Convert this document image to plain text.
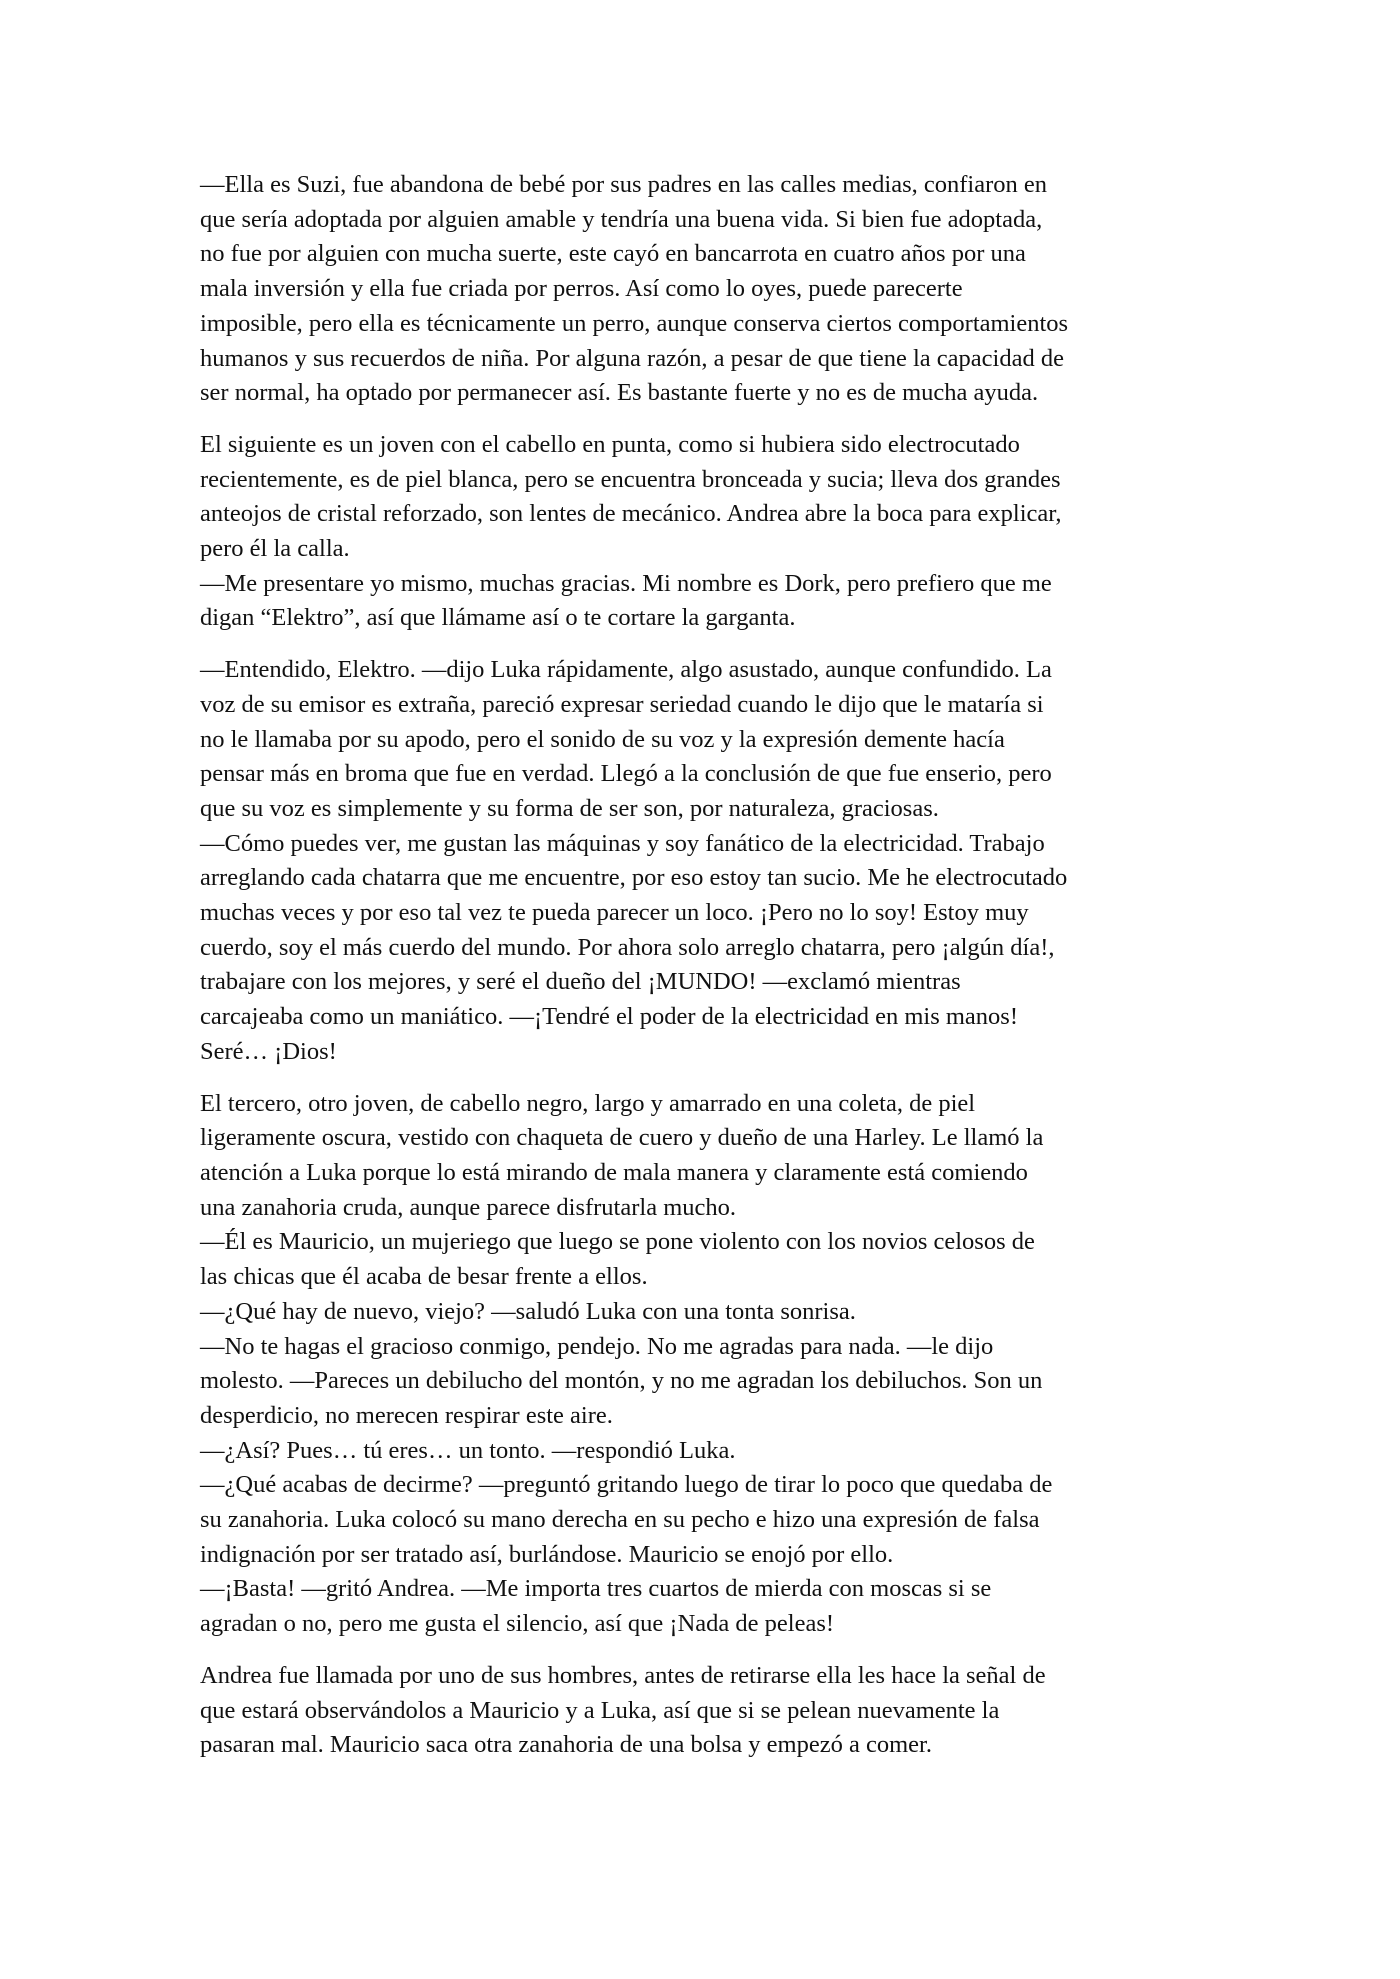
—Ella es Suzi, fue abandona de bebé por sus padres en las calles medias, confiaron en
que sería adoptada por alguien amable y tendría una buena vida. Si bien fue adoptada,
no fue por alguien con mucha suerte, este cayó en bancarrota en cuatro años por una
mala inversión y ella fue criada por perros. Así como lo oyes, puede parecerte
imposible, pero ella es técnicamente un perro, aunque conserva ciertos comportamientos
humanos y sus recuerdos de niña. Por alguna razón, a pesar de que tiene la capacidad de
ser normal, ha optado por permanecer así. Es bastante fuerte y no es de mucha ayuda.

El siguiente es un joven con el cabello en punta, como si hubiera sido electrocutado
recientemente, es de piel blanca, pero se encuentra bronceada y sucia; lleva dos grandes
anteojos de cristal reforzado, son lentes de mecánico. Andrea abre la boca para explicar,
pero él la calla.
—Me presentare yo mismo, muchas gracias. Mi nombre es Dork, pero prefiero que me
digan “Elektro”, así que llámame así o te cortare la garganta.

—Entendido, Elektro. —dijo Luka rápidamente, algo asustado, aunque confundido. La
voz de su emisor es extraña, pareció expresar seriedad cuando le dijo que le mataría si
no le llamaba por su apodo, pero el sonido de su voz y la expresión demente hacía
pensar más en broma que fue en verdad. Llegó a la conclusión de que fue enserio, pero
que su voz es simplemente y su forma de ser son, por naturaleza, graciosas.
—Cómo puedes ver, me gustan las máquinas y soy fanático de la electricidad. Trabajo
arreglando cada chatarra que me encuentre, por eso estoy tan sucio. Me he electrocutado
muchas veces y por eso tal vez te pueda parecer un loco. ¡Pero no lo soy! Estoy muy
cuerdo, soy el más cuerdo del mundo. Por ahora solo arreglo chatarra, pero ¡algún día!,
trabajare con los mejores, y seré el dueño del ¡MUNDO! —exclamó mientras
carcajeaba como un maniático. —¡Tendré el poder de la electricidad en mis manos!
Seré… ¡Dios!

El tercero, otro joven, de cabello negro, largo y amarrado en una coleta, de piel
ligeramente oscura, vestido con chaqueta de cuero y dueño de una Harley. Le llamó la
atención a Luka porque lo está mirando de mala manera y claramente está comiendo
una zanahoria cruda, aunque parece disfrutarla mucho.
—Él es Mauricio, un mujeriego que luego se pone violento con los novios celosos de
las chicas que él acaba de besar frente a ellos.
—¿Qué hay de nuevo, viejo? —saludó Luka con una tonta sonrisa.
—No te hagas el gracioso conmigo, pendejo. No me agradas para nada. —le dijo
molesto. —Pareces un debilucho del montón, y no me agradan los debiluchos. Son un
desperdicio, no merecen respirar este aire.
—¿Así? Pues… tú eres… un tonto. —respondió Luka.
—¿Qué acabas de decirme? —preguntó gritando luego de tirar lo poco que quedaba de
su zanahoria. Luka colocó su mano derecha en su pecho e hizo una expresión de falsa
indignación por ser tratado así, burlándose. Mauricio se enojó por ello.
—¡Basta! —gritó Andrea. —Me importa tres cuartos de mierda con moscas si se
agradan o no, pero me gusta el silencio, así que ¡Nada de peleas!

Andrea fue llamada por uno de sus hombres, antes de retirarse ella les hace la señal de
que estará observándolos a Mauricio y a Luka, así que si se pelean nuevamente la
pasaran mal. Mauricio saca otra zanahoria de una bolsa y empezó a comer.
